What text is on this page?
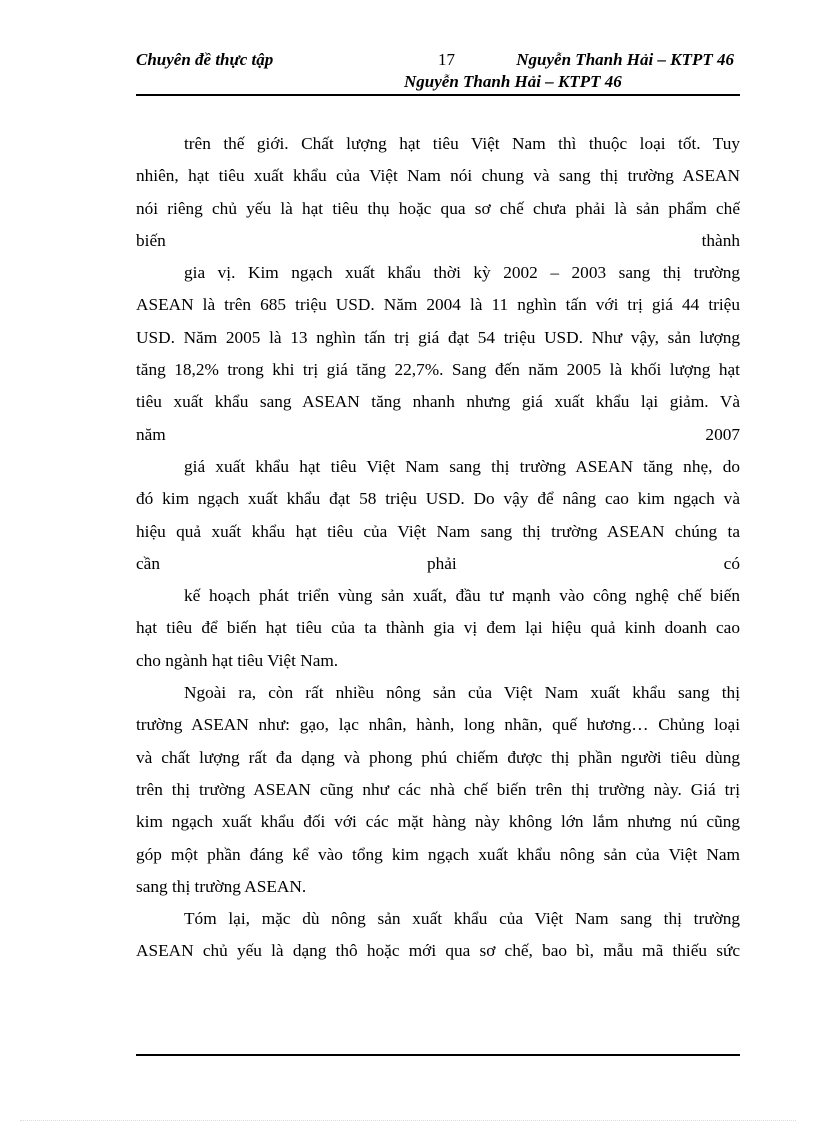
Chuyên đề thực tập	17	Nguyễn Thanh Hải – KTPT 46
Nguyễn Thanh Hải – KTPT 46
trên thế giới. Chất lượng hạt tiêu Việt Nam thì thuộc loại tốt. Tuy
nhiên, hạt tiêu xuất khẩu của Việt Nam nói chung và sang thị trường ASEAN
nói riêng chủ yếu là hạt tiêu thụ hoặc qua sơ chế chưa phải là sản phẩm chế
biến thành
gia vị. Kim ngạch xuất khẩu thời kỳ 2002 – 2003 sang thị trường
ASEAN là trên 685 triệu USD. Năm 2004 là 11 nghìn tấn với trị giá 44 triệu
USD. Năm 2005 là 13 nghìn tấn trị giá đạt 54 triệu USD. Như vậy, sản lượng
tăng 18,2% trong khi trị giá tăng 22,7%. Sang đến năm 2005 là khối lượng hạt
tiêu xuất khẩu sang ASEAN tăng nhanh nhưng giá xuất khẩu lại giảm. Và
năm 2007
giá xuất khẩu hạt tiêu Việt Nam sang thị trường ASEAN tăng nhẹ, do
đó kim ngạch xuất khẩu đạt 58 triệu USD. Do vậy để nâng cao kim ngạch và
hiệu quả xuất khẩu hạt tiêu của Việt Nam sang thị trường ASEAN chúng ta
cần phải có
kế hoạch phát triển vùng sản xuất, đầu tư mạnh vào công nghệ chế biến
hạt tiêu để biến hạt tiêu của ta thành gia vị đem lại hiệu quả kinh doanh cao
cho ngành hạt tiêu Việt Nam.
Ngoài ra, còn rất nhiều nông sản của Việt Nam xuất khẩu sang thị
trường ASEAN như: gạo, lạc nhân, hành, long nhãn, quế hương… Chủng loại
và chất lượng rất đa dạng và phong phú chiếm được thị phần người tiêu dùng
trên thị trường ASEAN cũng như các nhà chế biến trên thị trường này. Giá trị
kim ngạch xuất khẩu đối với các mặt hàng này không lớn lắm nhưng nú cũng
góp một phần đáng kể vào tổng kim ngạch xuất khẩu nông sản của Việt Nam
sang thị trường ASEAN.
Tóm lại, mặc dù nông sản xuất khẩu của Việt Nam sang thị trường
ASEAN chủ yếu là dạng thô hoặc mới qua sơ chế, bao bì, mẫu mã thiếu sức
